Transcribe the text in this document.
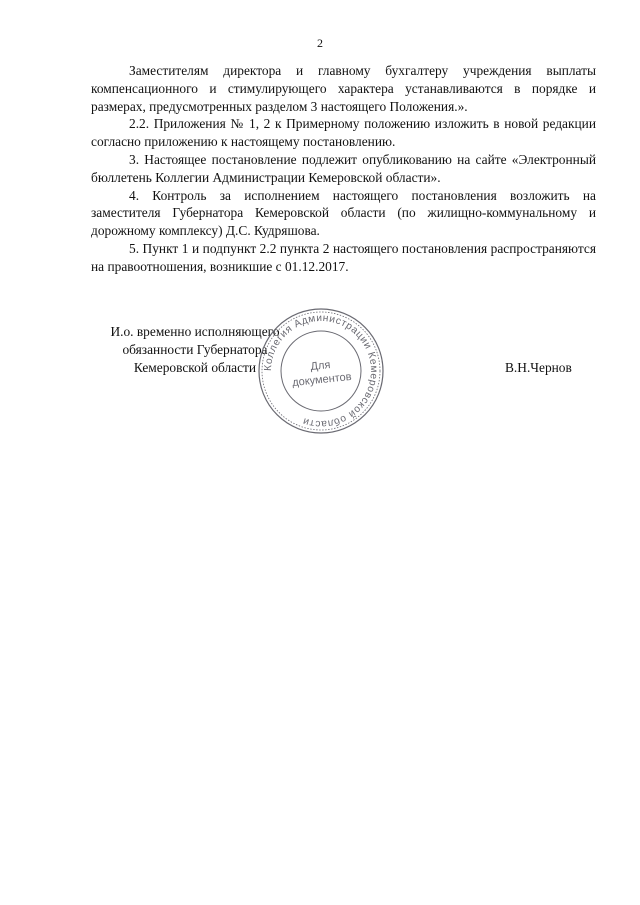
2

Заместителям директора и главному бухгалтеру учреждения выплаты компенсационного и стимулирующего характера устанавливаются в порядке и размерах, предусмотренных разделом 3 настоящего Положения.».

2.2. Приложения № 1, 2 к Примерному положению изложить в новой редакции согласно приложению к настоящему постановлению.

3. Настоящее постановление подлежит опубликованию на сайте «Электронный бюллетень Коллегии Администрации Кемеровской области».

4. Контроль за исполнением настоящего постановления возложить на заместителя Губернатора Кемеровской области (по жилищно-коммунальному и дорожному комплексу) Д.С. Кудряшова.

5. Пункт 1 и подпункт 2.2 пункта 2 настоящего постановления распространяются на правоотношения, возникшие с 01.12.2017.

И.о. временно исполняющего
обязанности Губернатора
Кемеровской области Коллегия Администрации Кемеровской области
Для
документов
В.Н.Чернов
